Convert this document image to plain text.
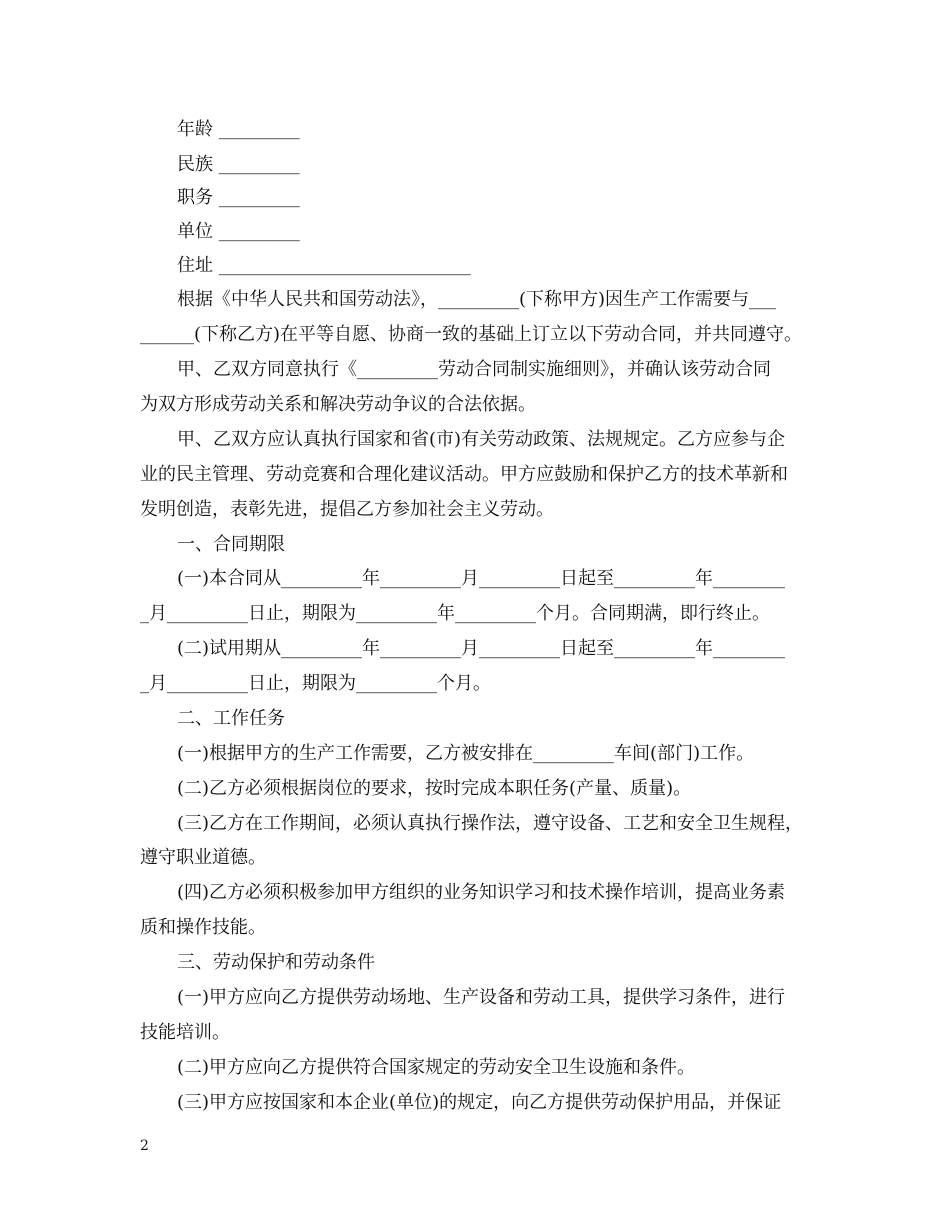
年龄 _________
民族 _________
职务 _________
单位 _________
住址 ____________________________
根据《中华人民共和国劳动法》，_________(下称甲方)因生产工作需要与___
______(下称乙方)在平等自愿、协商一致的基础上订立以下劳动合同，并共同遵守。
甲、乙双方同意执行《_________劳动合同制实施细则》，并确认该劳动合同
为双方形成劳动关系和解决劳动争议的合法依据。
甲、乙双方应认真执行国家和省(市)有关劳动政策、法规规定。乙方应参与企
业的民主管理、劳动竞赛和合理化建议活动。甲方应鼓励和保护乙方的技术革新和
发明创造，表彰先进，提倡乙方参加社会主义劳动。
一、合同期限
(一)本合同从_________年_________月_________日起至_________年________
_月_________日止，期限为_________年_________个月。合同期满，即行终止。
(二)试用期从_________年_________月_________日起至_________年________
_月_________日止，期限为_________个月。
二、工作任务
(一)根据甲方的生产工作需要，乙方被安排在_________车间(部门)工作。
(二)乙方必须根据岗位的要求，按时完成本职任务(产量、质量)。
(三)乙方在工作期间，必须认真执行操作法，遵守设备、工艺和安全卫生规程，
遵守职业道德。
(四)乙方必须积极参加甲方组织的业务知识学习和技术操作培训，提高业务素
质和操作技能。
三、劳动保护和劳动条件
(一)甲方应向乙方提供劳动场地、生产设备和劳动工具，提供学习条件，进行
技能培训。
(二)甲方应向乙方提供符合国家规定的劳动安全卫生设施和条件。
(三)甲方应按国家和本企业(单位)的规定，向乙方提供劳动保护用品，并保证
2
